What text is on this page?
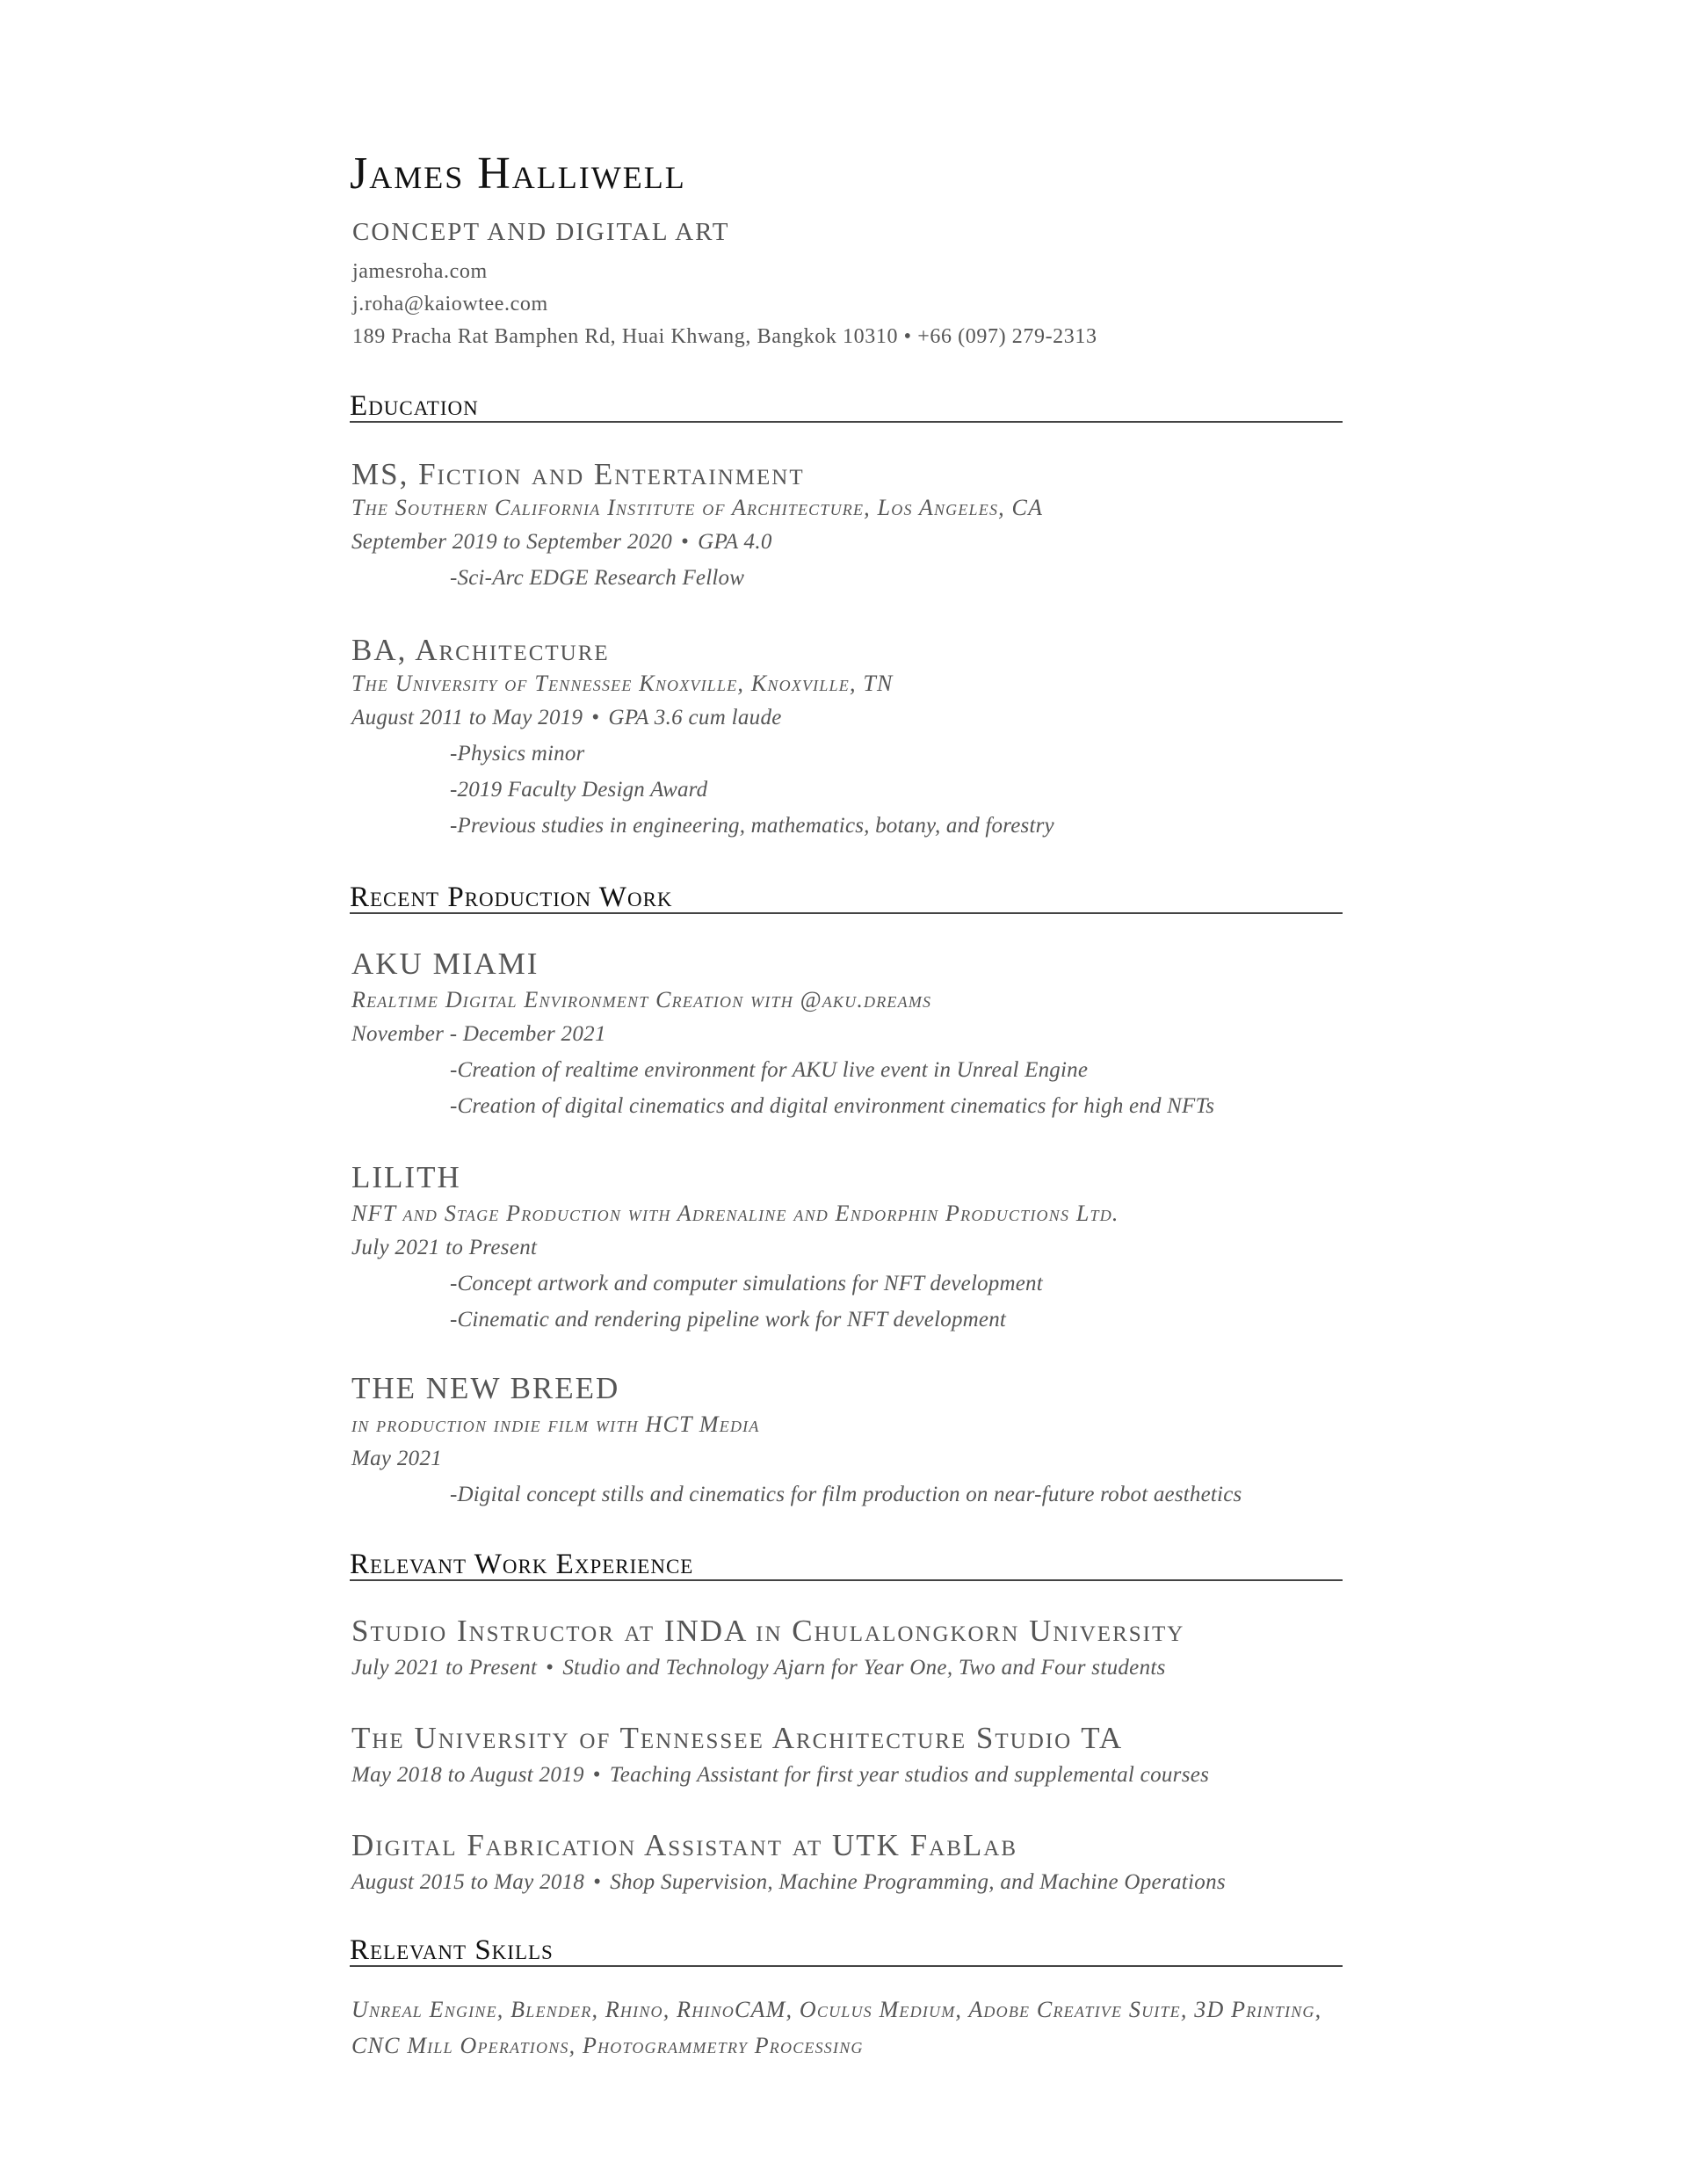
James Halliwell
CONCEPT AND DIGITAL ART
jamesroha.com
j.roha@kaiowtee.com
189 Pracha Rat Bamphen Rd, Huai Khwang, Bangkok 10310 • +66 (097) 279-2313
Education
MS, Fiction and Entertainment
The Southern California Institute of Architecture, Los Angeles, CA
September 2019 to September 2020 • GPA 4.0
-Sci-Arc EDGE Research Fellow
BA, Architecture
The University of Tennessee Knoxville, Knoxville, TN
August 2011 to May 2019 • GPA 3.6 cum laude
-Physics minor
-2019 Faculty Design Award
-Previous studies in engineering, mathematics, botany, and forestry
Recent Production Work
AKU MIAMI
Realtime Digital Environment Creation with @aku.dreams
November - December 2021
-Creation of realtime environment for AKU live event in Unreal Engine
-Creation of digital cinematics and digital environment cinematics for high end NFTs
LILITH
NFT and Stage Production with Adrenaline and Endorphin Productions Ltd.
July 2021 to Present
-Concept artwork and computer simulations for NFT development
-Cinematic and rendering pipeline work for NFT development
THE NEW BREED
in production indie film with HCT Media
May 2021
-Digital concept stills and cinematics for film production on near-future robot aesthetics
Relevant Work Experience
Studio Instructor at INDA in Chulalongkorn University
July 2021 to Present • Studio and Technology Ajarn for Year One, Two and Four students
The University of Tennessee Architecture Studio TA
May 2018 to August 2019 • Teaching Assistant for first year studios and supplemental courses
Digital Fabrication Assistant at UTK FabLab
August 2015 to May 2018 • Shop Supervision, Machine Programming, and Machine Operations
Relevant Skills
Unreal Engine, Blender, Rhino, RhinoCAM, Oculus Medium, Adobe Creative Suite, 3D Printing, CNC Mill Operations, Photogrammetry Processing
